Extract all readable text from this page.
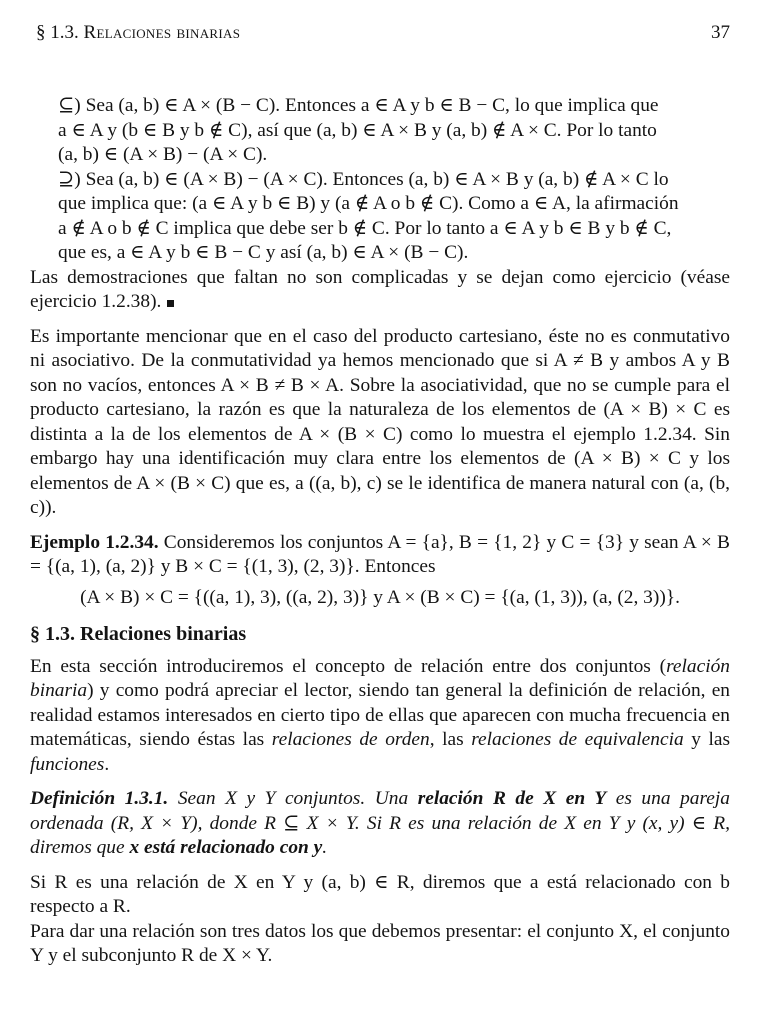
§ 1.3. Relaciones binarias	37

⊆) Sea (a, b) ∈ A × (B − C). Entonces a ∈ A y b ∈ B − C, lo que implica que

a ∈ A y (b ∈ B y b ∉ C), así que (a, b) ∈ A × B y (a, b) ∉ A × C. Por lo tanto

(a, b) ∈ (A × B) − (A × C).

⊇) Sea (a, b) ∈ (A × B) − (A × C). Entonces (a, b) ∈ A × B y (a, b) ∉ A × C lo

que implica que: (a ∈ A y b ∈ B) y (a ∉ A o b ∉ C). Como a ∈ A, la afirmación

a ∉ A o b ∉ C implica que debe ser b ∉ C. Por lo tanto a ∈ A y b ∈ B y b ∉ C,

que es, a ∈ A y b ∈ B − C y así (a, b) ∈ A × (B − C).

Las demostraciones que faltan no son complicadas y se dejan como ejercicio (véase ejercicio 1.2.38).

Es importante mencionar que en el caso del producto cartesiano, éste no es conmutativo ni asociativo. De la conmutatividad ya hemos mencionado que si A ≠ B y ambos A y B son no vacíos, entonces A × B ≠ B × A. Sobre la asociatividad, que no se cumple para el producto cartesiano, la razón es que la naturaleza de los elementos de (A × B) × C es distinta a la de los elementos de A × (B × C) como lo muestra el ejemplo 1.2.34. Sin embargo hay una identificación muy clara entre los elementos de (A × B) × C y los elementos de A × (B × C) que es, a ((a, b), c) se le identifica de manera natural con (a, (b, c)).

Ejemplo 1.2.34. Consideremos los conjuntos A = {a}, B = {1, 2} y C = {3} y sean A × B = {(a, 1), (a, 2)} y B × C = {(1, 3), (2, 3)}. Entonces

(A × B) × C = {((a, 1), 3), ((a, 2), 3)} y A × (B × C) = {(a, (1, 3)), (a, (2, 3))}.

§ 1.3. Relaciones binarias

En esta sección introduciremos el concepto de relación entre dos conjuntos (relación binaria) y como podrá apreciar el lector, siendo tan general la definición de relación, en realidad estamos interesados en cierto tipo de ellas que aparecen con mucha frecuencia en matemáticas, siendo éstas las relaciones de orden, las relaciones de equivalencia y las funciones.

Definición 1.3.1. Sean X y Y conjuntos. Una relación R de X en Y es una pareja ordenada (R, X × Y), donde R ⊆ X × Y. Si R es una relación de X en Y y (x, y) ∈ R, diremos que x está relacionado con y.

Si R es una relación de X en Y y (a, b) ∈ R, diremos que a está relacionado con b respecto a R.

Para dar una relación son tres datos los que debemos presentar: el conjunto X, el conjunto Y y el subconjunto R de X × Y.
